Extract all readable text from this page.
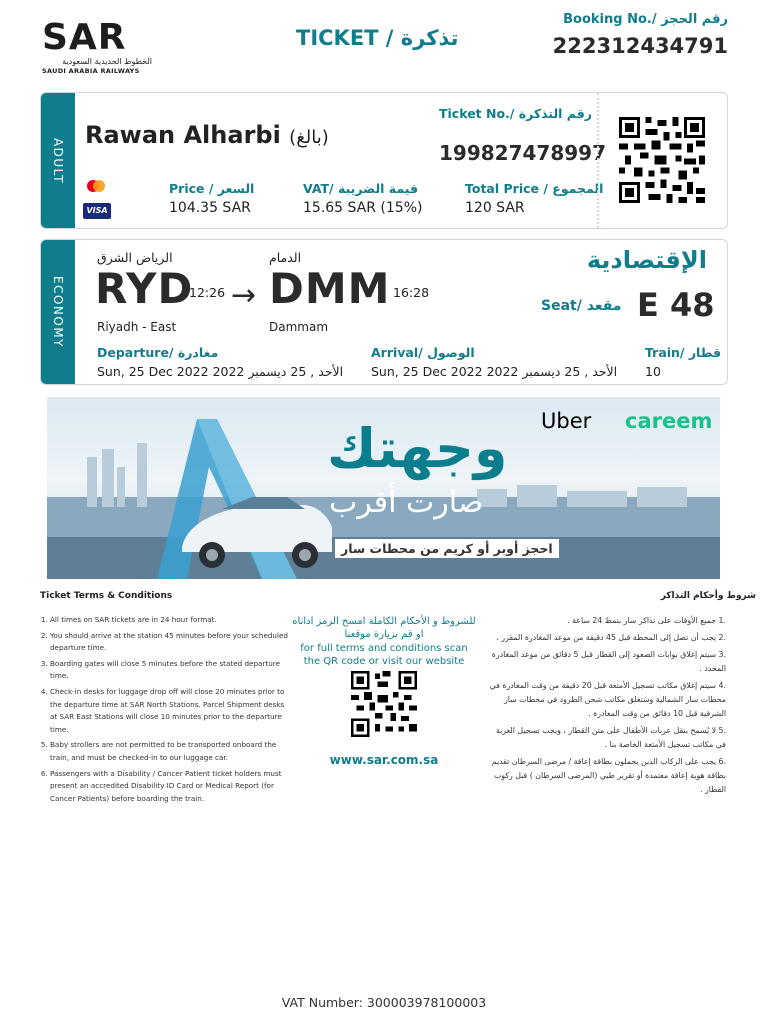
SAR
الخطوط الحديدية السعودية
SAUDI ARABIA RAILWAYS
TICKET / تذكرة
Booking No./ رقم الحجز
222312434791
ADULT
Rawan Alharbi (بالغ)
VISA
Price / السعر
104.35 SAR
VAT/ قيمة الضريبة
15.65 SAR (15%)
Total Price / المجموع
120 SAR
Ticket No./ رقم التذكرة
199827478997
ECONOMY
الرياض الشرق
RYD
12:26 →
الدمام
DMM 16:28
Riyadh - East	Dammam
الإقتصادية
Seat/ مقعد E 48
Departure/ مغادرة
Sun, 25 Dec 2022 الأحد , 25 ديسمبر 2022
Arrival/ الوصول
Sun, 25 Dec 2022 الأحد , 25 ديسمبر 2022
Train/ قطار
10
Uber careem
وجهتك
صارت أقرب
احجز أوبر أو كريم من محطات سار
Ticket Terms & Conditions	شروط وأحكام التذاكر
1. All times on SAR tickets are in 24 hour format.
2. You should arrive at the station 45 minutes before your scheduled departure time.
3. Boarding gates will close 5 minutes before the stated departure time.
4. Check-in desks for luggage drop off will close 20 minutes prior to the departure time at SAR North Stations. Parcel Shipment desks at SAR East Stations will close 10 minutes prior to the departure time.
5. Baby strollers are not permitted to be transported onboard the train, and must be checked-in to our luggage car.
6. Passengers with a Disability / Cancer Patient ticket holders must present an accredited Disability ID Card or Medical Report (for Cancer Patients) before boarding the train.
.1 جميع الأوقات على تذاكر سار بنمط 24 ساعة .
.2 يجب أن تصل إلى المحطة قبل 45 دقيقة من موعد المغادرة المقرر .
.3 سيتم إغلاق بوابات الصعود إلى القطار قبل 5 دقائق من موعد المغادرة المحدد .
.4 سيتم إغلاق مكاتب تسجيل الأمتعة قبل 20 دقيقة من وقت المغادرة في محطات سار الشمالية وستغلق مكاتب شحن الطرود في محطات سار الشرقية قبل 10 دقائق من وقت المغادرة .
.5 لا يُسمح بنقل عربات الأطفال على متن القطار ، ويجب تسجيل العربة في مكاتب تسجيل الأمتعة الخاصة بنا .
.6 يجب على الركاب الذين يحملون بطاقة إعاقة / مرضى السرطان تقديم بطاقة هوية إعاقة معتمدة أو تقرير طبي (المرضى السرطان ) قبل ركوب القطار .
للشروط و الأحكام الكاملة امسح الرمز اداناه او قم بزيارة موقعنا
for full terms and conditions scan the QR code or visit our website
www.sar.com.sa
VAT Number: 300003978100003
